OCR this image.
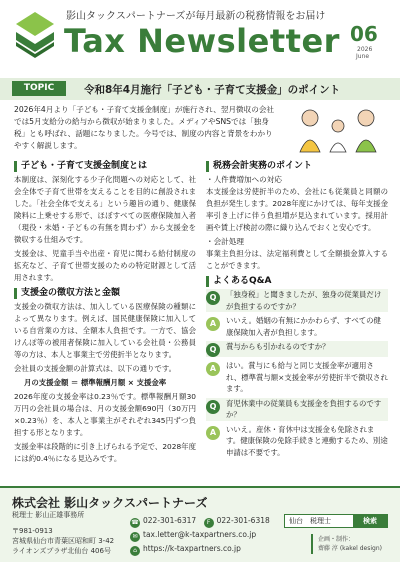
影山タックスパートナーズが毎月最新の税務情報をお届け
Tax Newsletter 06
2026
June
TOPIC	令和8年4月施行「子ども・子育て支援金」のポイント
2026年4月より「子ども・子育て支援金制度」が施行され、翌月徴収の会社では5月支給分の給与から徴収が始まりました。メディアやSNSでは「独身税」とも呼ばれ、話題になりました。今号では、制度の内容と背景をわかりやすく解説します。
子ども・子育て支援金制度とは
本制度は、深刻化する少子化問題への対応として、社会全体で子育て世帯を支えることを目的に創設されました。「社会全体で支える」という趣旨の通り、健康保険料に上乗せする形で、ほぼすべての医療保険加入者（現役・未婚・子どもの有無を問わず）から支援金を徴収する仕組みです。
支援金は、児童手当や出産・育児に関わる給付制度の拡充など、子育て世帯支援のための特定財源として活用されます。
支援金の徴収方法と金額
支援金の徴収方法は、加入している医療保険の種類によって異なります。例えば、国民健康保険に加入している自営業の方は、全額本人負担です。一方で、協会けんぽ等の被用者保険に加入している会社員・公務員等の方は、本人と事業主で労使折半となります。
会社員の支援金額の計算式は、以下の通りです。
月の支援金額 ＝ 標準報酬月額 × 支援金率
2026年度の支援金率は0.23％です。標準報酬月額30万円の会社員の場合は、月の支援金額690円（30万円×0.23％）を、本人と事業主がそれぞれ345円ずつ負担する形となります。
支援金率は段階的に引き上げられる予定で、2028年度には約0.4％になる見込みです。
税務会計実務のポイント
・人件費増加への対応
本支援金は労使折半のため、会社にも従業員と同額の負担が発生します。2028年度にかけては、毎年支援金率引き上げに伴う負担増が見込まれています。採用計画や賃上げ検討の際に織り込んでおくと安心です。
・会計処理
事業主負担分は、法定福利費として全額損金算入することができます。
よくあるQ&A
Q	「独身税」と聞きましたが、独身の従業員だけが負担するのですか？
A	いいえ。婚姻の有無にかかわらず、すべての健康保険加入者が負担します。
Q	賞与からも引かれるのですか？
A	はい。賞与にも給与と同じ支援金率が適用され、標準賞与額×支援金率が労使折半で徴収されます。
Q	育児休業中の従業員も支援金を負担するのですか？
A	いいえ。産休・育休中は支援金も免除されます。健康保険の免除手続きと連動するため、別途申請は不要です。
株式会社 影山タックスパートナーズ
税理士 影山正雄事務所
〒981-0913
宮城県仙台市青葉区昭和町 3-42
ライオンズプラザ北仙台 406号
☎ 022-301-6317　 F 022-301-6318
✉ tax.letter@k-taxpartners.co.jp
⌂ https://k-taxpartners.co.jp
仙台　税理士	検索
企画・制作：
齋藤 淳 (kakel design)
